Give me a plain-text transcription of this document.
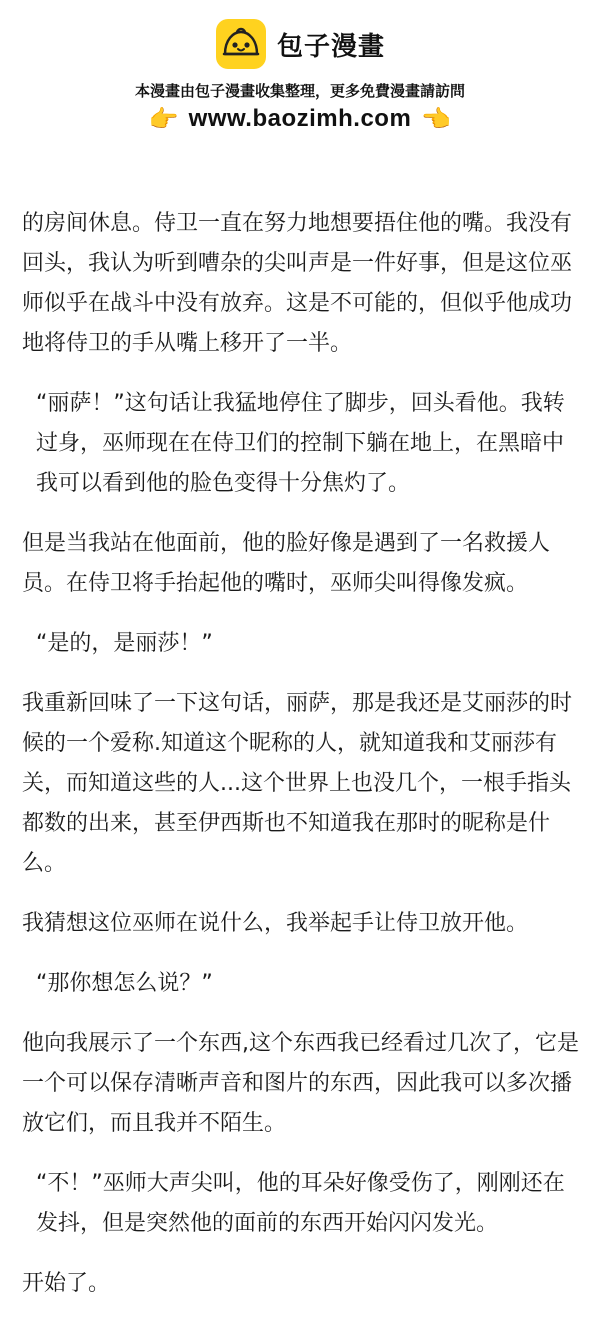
包子漫畫
本漫畫由包子漫畫收集整理，更多免費漫畫請訪問
👉 www.baozimh.com 👈

的房间休息。侍卫一直在努力地想要捂住他的嘴。我没有回头，我认为听到嘈杂的尖叫声是一件好事，但是这位巫师似乎在战斗中没有放弃。这是不可能的，但似乎他成功地将侍卫的手从嘴上移开了一半。

“丽萨！”这句话让我猛地停住了脚步，回头看他。我转过身，巫师现在在侍卫们的控制下躺在地上，在黑暗中我可以看到他的脸色变得十分焦灼了。

但是当我站在他面前，他的脸好像是遇到了一名救援人员。在侍卫将手抬起他的嘴时，巫师尖叫得像发疯。

“是的，是丽莎！”

我重新回味了一下这句话，丽萨，那是我还是艾丽莎的时候的一个爱称.知道这个昵称的人，就知道我和艾丽莎有关，而知道这些的人...这个世界上也没几个，一根手指头都数的出来，甚至伊西斯也不知道我在那时的昵称是什么。

我猜想这位巫师在说什么，我举起手让侍卫放开他。

“那你想怎么说？”

他向我展示了一个东西,这个东西我已经看过几次了，它是一个可以保存清晰声音和图片的东西，因此我可以多次播放它们，而且我并不陌生。

“不！”巫师大声尖叫，他的耳朵好像受伤了，刚刚还在发抖，但是突然他的面前的东西开始闪闪发光。

开始了。
